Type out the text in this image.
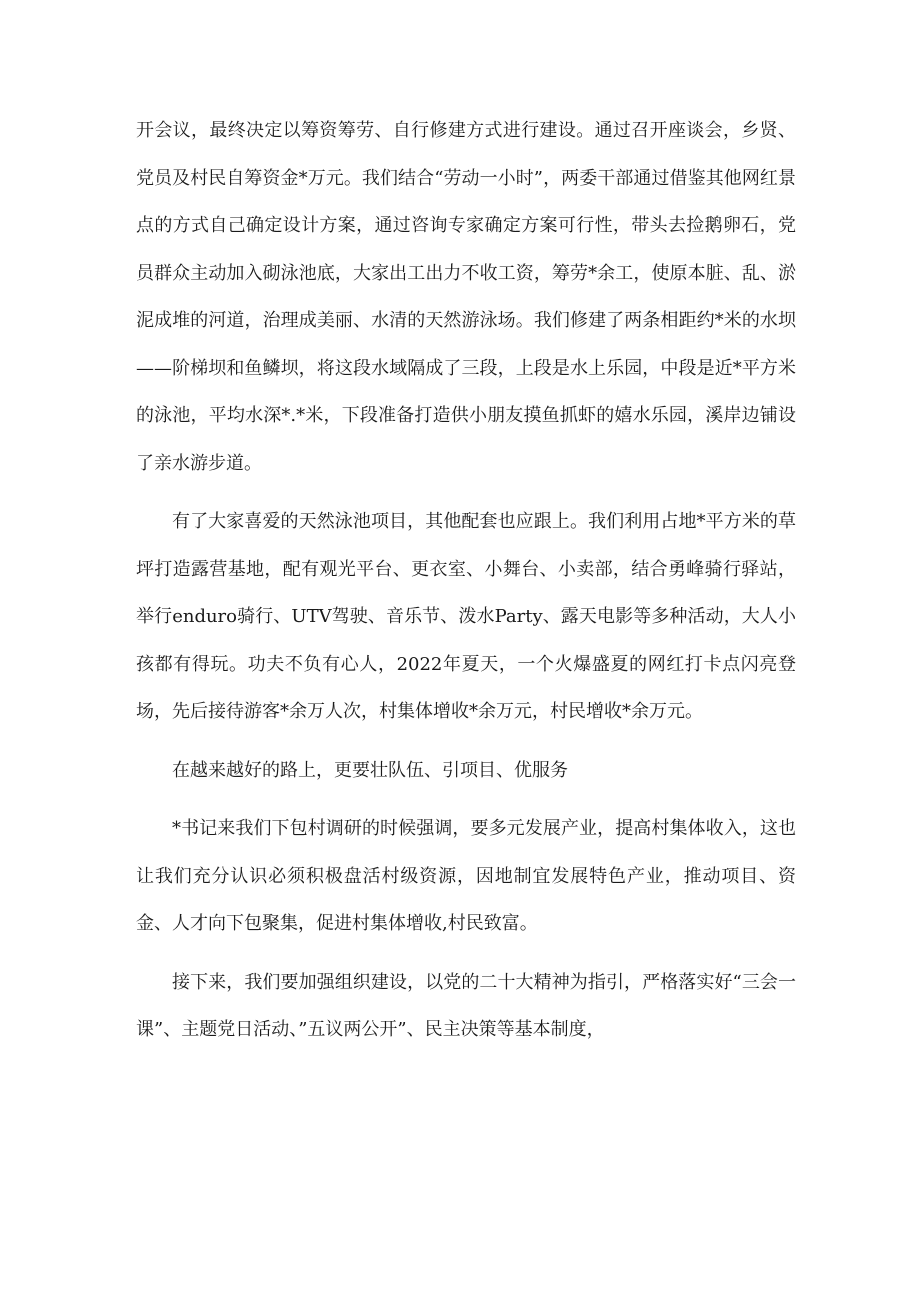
开会议，最终决定以筹资筹劳、自行修建方式进行建设。通过召开座谈会，乡贤、党员及村民自筹资金*万元。我们结合“劳动一小时”，两委干部通过借鉴其他网红景点的方式自己确定设计方案，通过咨询专家确定方案可行性，带头去捡鹅卵石，党员群众主动加入砌泳池底，大家出工出力不收工资，筹劳*余工，使原本脏、乱、淤泥成堆的河道，治理成美丽、水清的天然游泳场。我们修建了两条相距约*米的水坝——阶梯坝和鱼鳞坝，将这段水域隔成了三段，上段是水上乐园，中段是近*平方米的泳池，平均水深*.*米，下段准备打造供小朋友摸鱼抓虾的嬉水乐园，溪岸边铺设了亲水游步道。

有了大家喜爱的天然泳池项目，其他配套也应跟上。我们利用占地*平方米的草坪打造露营基地，配有观光平台、更衣室、小舞台、小卖部，结合勇峰骑行驿站，举行enduro骑行、UTV驾驶、音乐节、泼水Party、露天电影等多种活动，大人小孩都有得玩。功夫不负有心人，2022年夏天，一个火爆盛夏的网红打卡点闪亮登场，先后接待游客*余万人次，村集体增收*余万元，村民增收*余万元。

在越来越好的路上，更要壮队伍、引项目、优服务

*书记来我们下包村调研的时候强调，要多元发展产业，提高村集体收入，这也让我们充分认识必须积极盘活村级资源，因地制宜发展特色产业，推动项目、资金、人才向下包聚集，促进村集体增收,村民致富。

接下来，我们要加强组织建设，以党的二十大精神为指引，严格落实好“三会一课”、主题党日活动、”五议两公开”、民主决策等基本制度，
